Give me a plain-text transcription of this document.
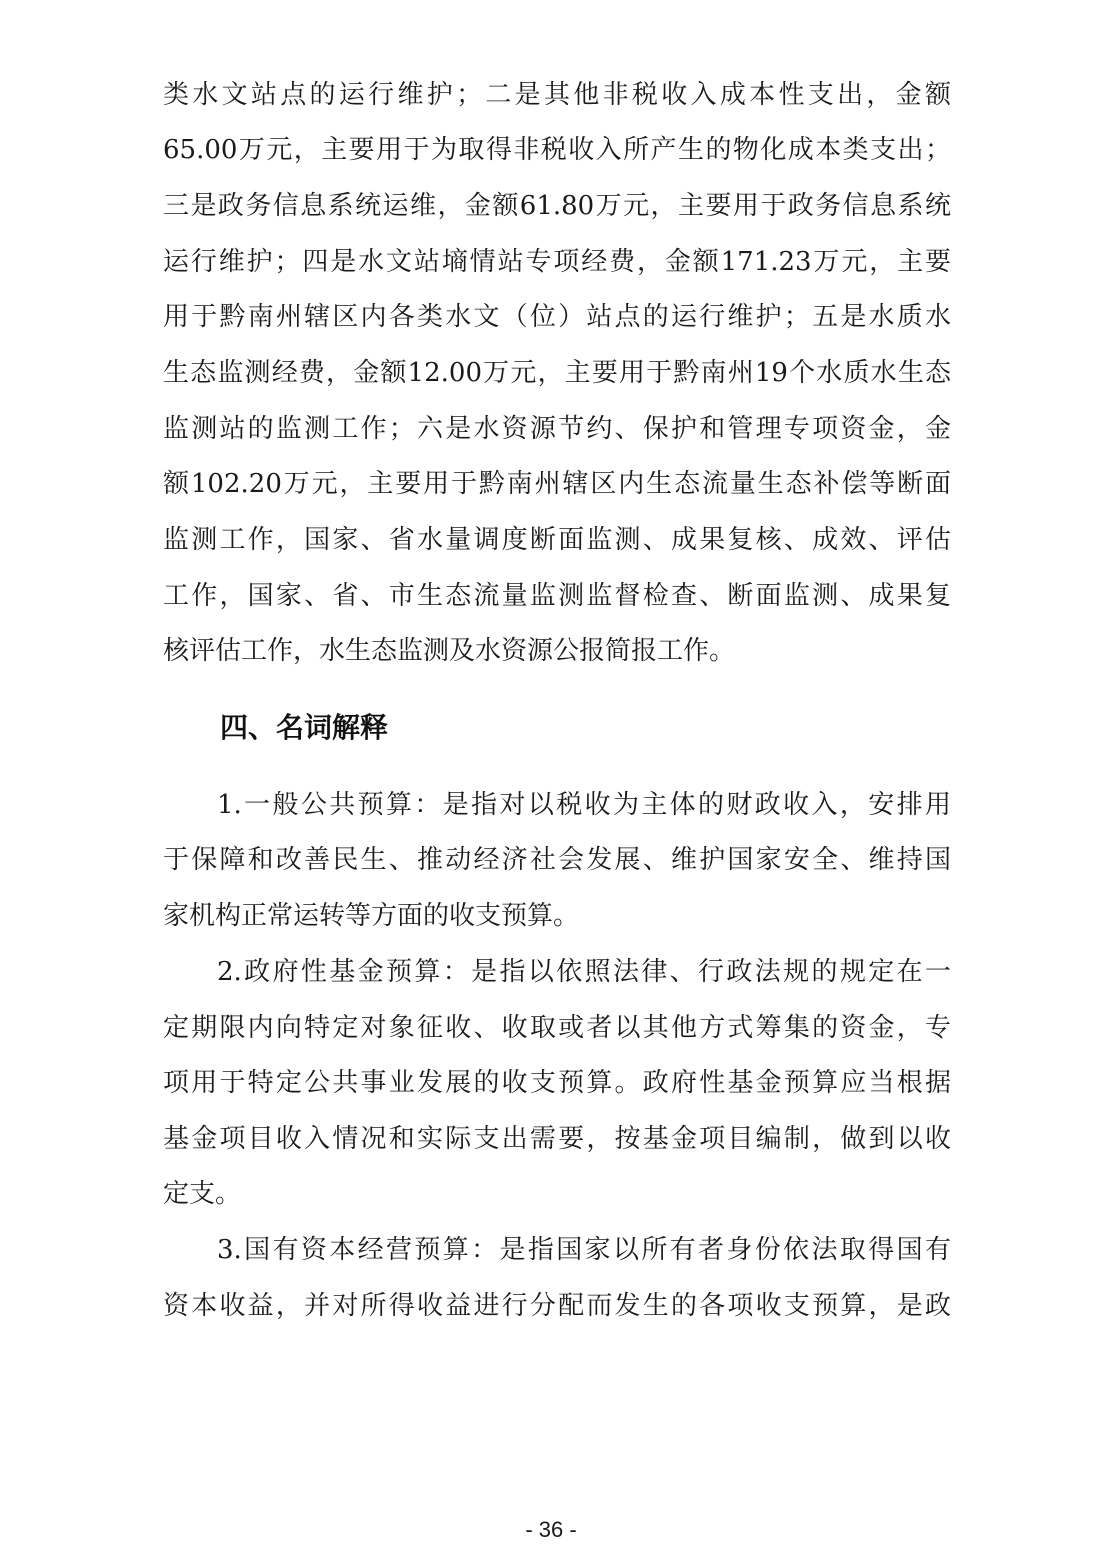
类水文站点的运行维护；二是其他非税收入成本性支出，金额
65.00万元，主要用于为取得非税收入所产生的物化成本类支出；
三是政务信息系统运维，金额61.80万元，主要用于政务信息系统
运行维护；四是水文站墒情站专项经费，金额171.23万元，主要
用于黔南州辖区内各类水文（位）站点的运行维护；五是水质水
生态监测经费，金额12.00万元，主要用于黔南州19个水质水生态
监测站的监测工作；六是水资源节约、保护和管理专项资金，金
额102.20万元，主要用于黔南州辖区内生态流量生态补偿等断面
监测工作，国家、省水量调度断面监测、成果复核、成效、评估
工作，国家、省、市生态流量监测监督检查、断面监测、成果复
核评估工作，水生态监测及水资源公报简报工作。
四、名词解释
1.一般公共预算：是指对以税收为主体的财政收入，安排用
于保障和改善民生、推动经济社会发展、维护国家安全、维持国
家机构正常运转等方面的收支预算。
2.政府性基金预算：是指以依照法律、行政法规的规定在一
定期限内向特定对象征收、收取或者以其他方式筹集的资金，专
项用于特定公共事业发展的收支预算。政府性基金预算应当根据
基金项目收入情况和实际支出需要，按基金项目编制，做到以收
定支。
3.国有资本经营预算：是指国家以所有者身份依法取得国有
资本收益，并对所得收益进行分配而发生的各项收支预算，是政
- 36 -
